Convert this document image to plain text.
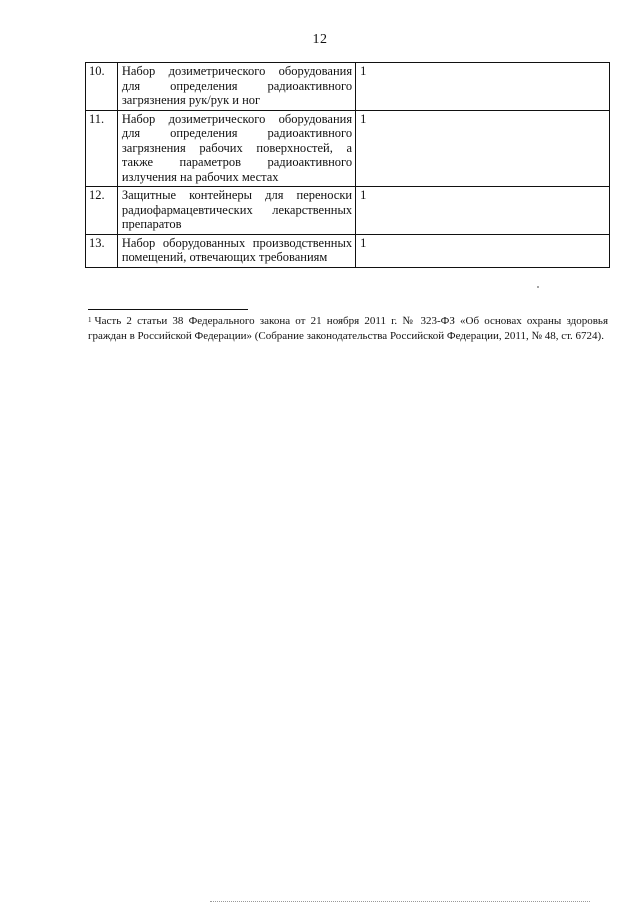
12
10.	Набор дозиметрического оборудования для определения радиоактивного загрязнения рук/рук и ног	1
11.	Набор дозиметрического оборудования для определения радиоактивного загрязнения рабочих поверхностей, а также параметров радиоактивного излучения на рабочих местах	1
12.	Защитные контейнеры для переноски радиофармацевтических лекарственных препаратов	1
13.	Набор оборудованных производственных помещений, отвечающих требованиям	1
$^1$ Часть 2 статьи 38 Федерального закона от 21 ноября 2011 г. № 323-ФЗ «Об основах охраны здоровья граждан в Российской Федерации» (Собрание законодательства Российской Федерации, 2011, № 48, ст. 6724).
